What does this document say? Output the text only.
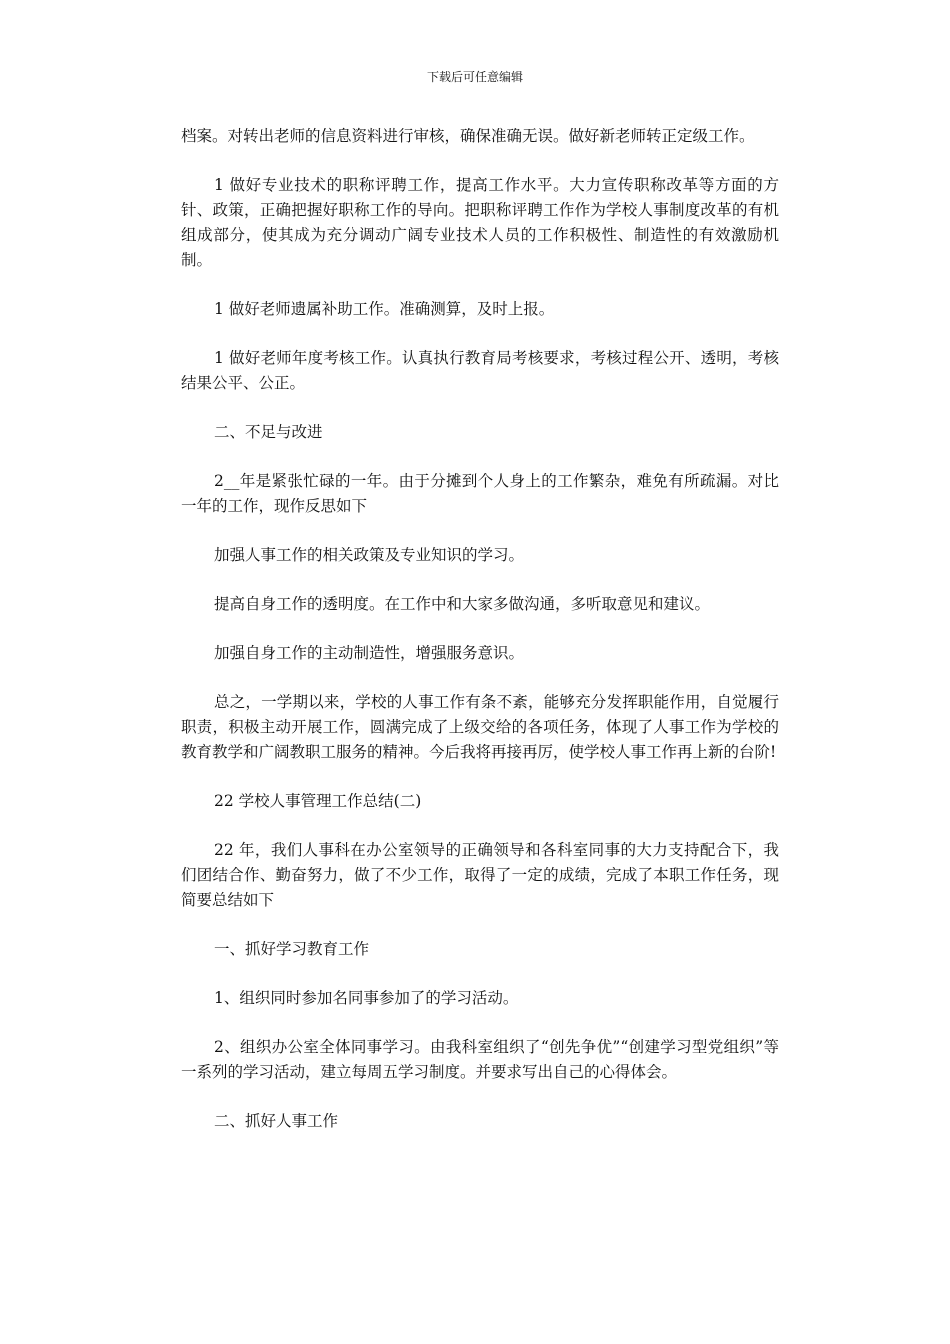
下载后可任意编辑

档案。对转出老师的信息资料进行审核，确保准确无误。做好新老师转正定级工作。

1 做好专业技术的职称评聘工作，提高工作水平。大力宣传职称改革等方面的方针、政策，正确把握好职称工作的导向。把职称评聘工作作为学校人事制度改革的有机组成部分，使其成为充分调动广阔专业技术人员的工作积极性、制造性的有效激励机制。

1 做好老师遗属补助工作。准确测算，及时上报。

1 做好老师年度考核工作。认真执行教育局考核要求，考核过程公开、透明，考核结果公平、公正。

二、不足与改进

2__年是紧张忙碌的一年。由于分摊到个人身上的工作繁杂，难免有所疏漏。对比一年的工作，现作反思如下

加强人事工作的相关政策及专业知识的学习。

提高自身工作的透明度。在工作中和大家多做沟通，多听取意见和建议。

加强自身工作的主动制造性，增强服务意识。

总之，一学期以来，学校的人事工作有条不紊，能够充分发挥职能作用，自觉履行职责，积极主动开展工作，圆满完成了上级交给的各项任务，体现了人事工作为学校的教育教学和广阔教职工服务的精神。今后我将再接再厉，使学校人事工作再上新的台阶!

22 学校人事管理工作总结(二)

22 年，我们人事科在办公室领导的正确领导和各科室同事的大力支持配合下，我们团结合作、勤奋努力，做了不少工作，取得了一定的成绩，完成了本职工作任务，现简要总结如下

一、抓好学习教育工作

1、组织同时参加名同事参加了的学习活动。

2、组织办公室全体同事学习。由我科室组织了“创先争优”“创建学习型党组织”等一系列的学习活动，建立每周五学习制度。并要求写出自己的心得体会。

二、抓好人事工作
